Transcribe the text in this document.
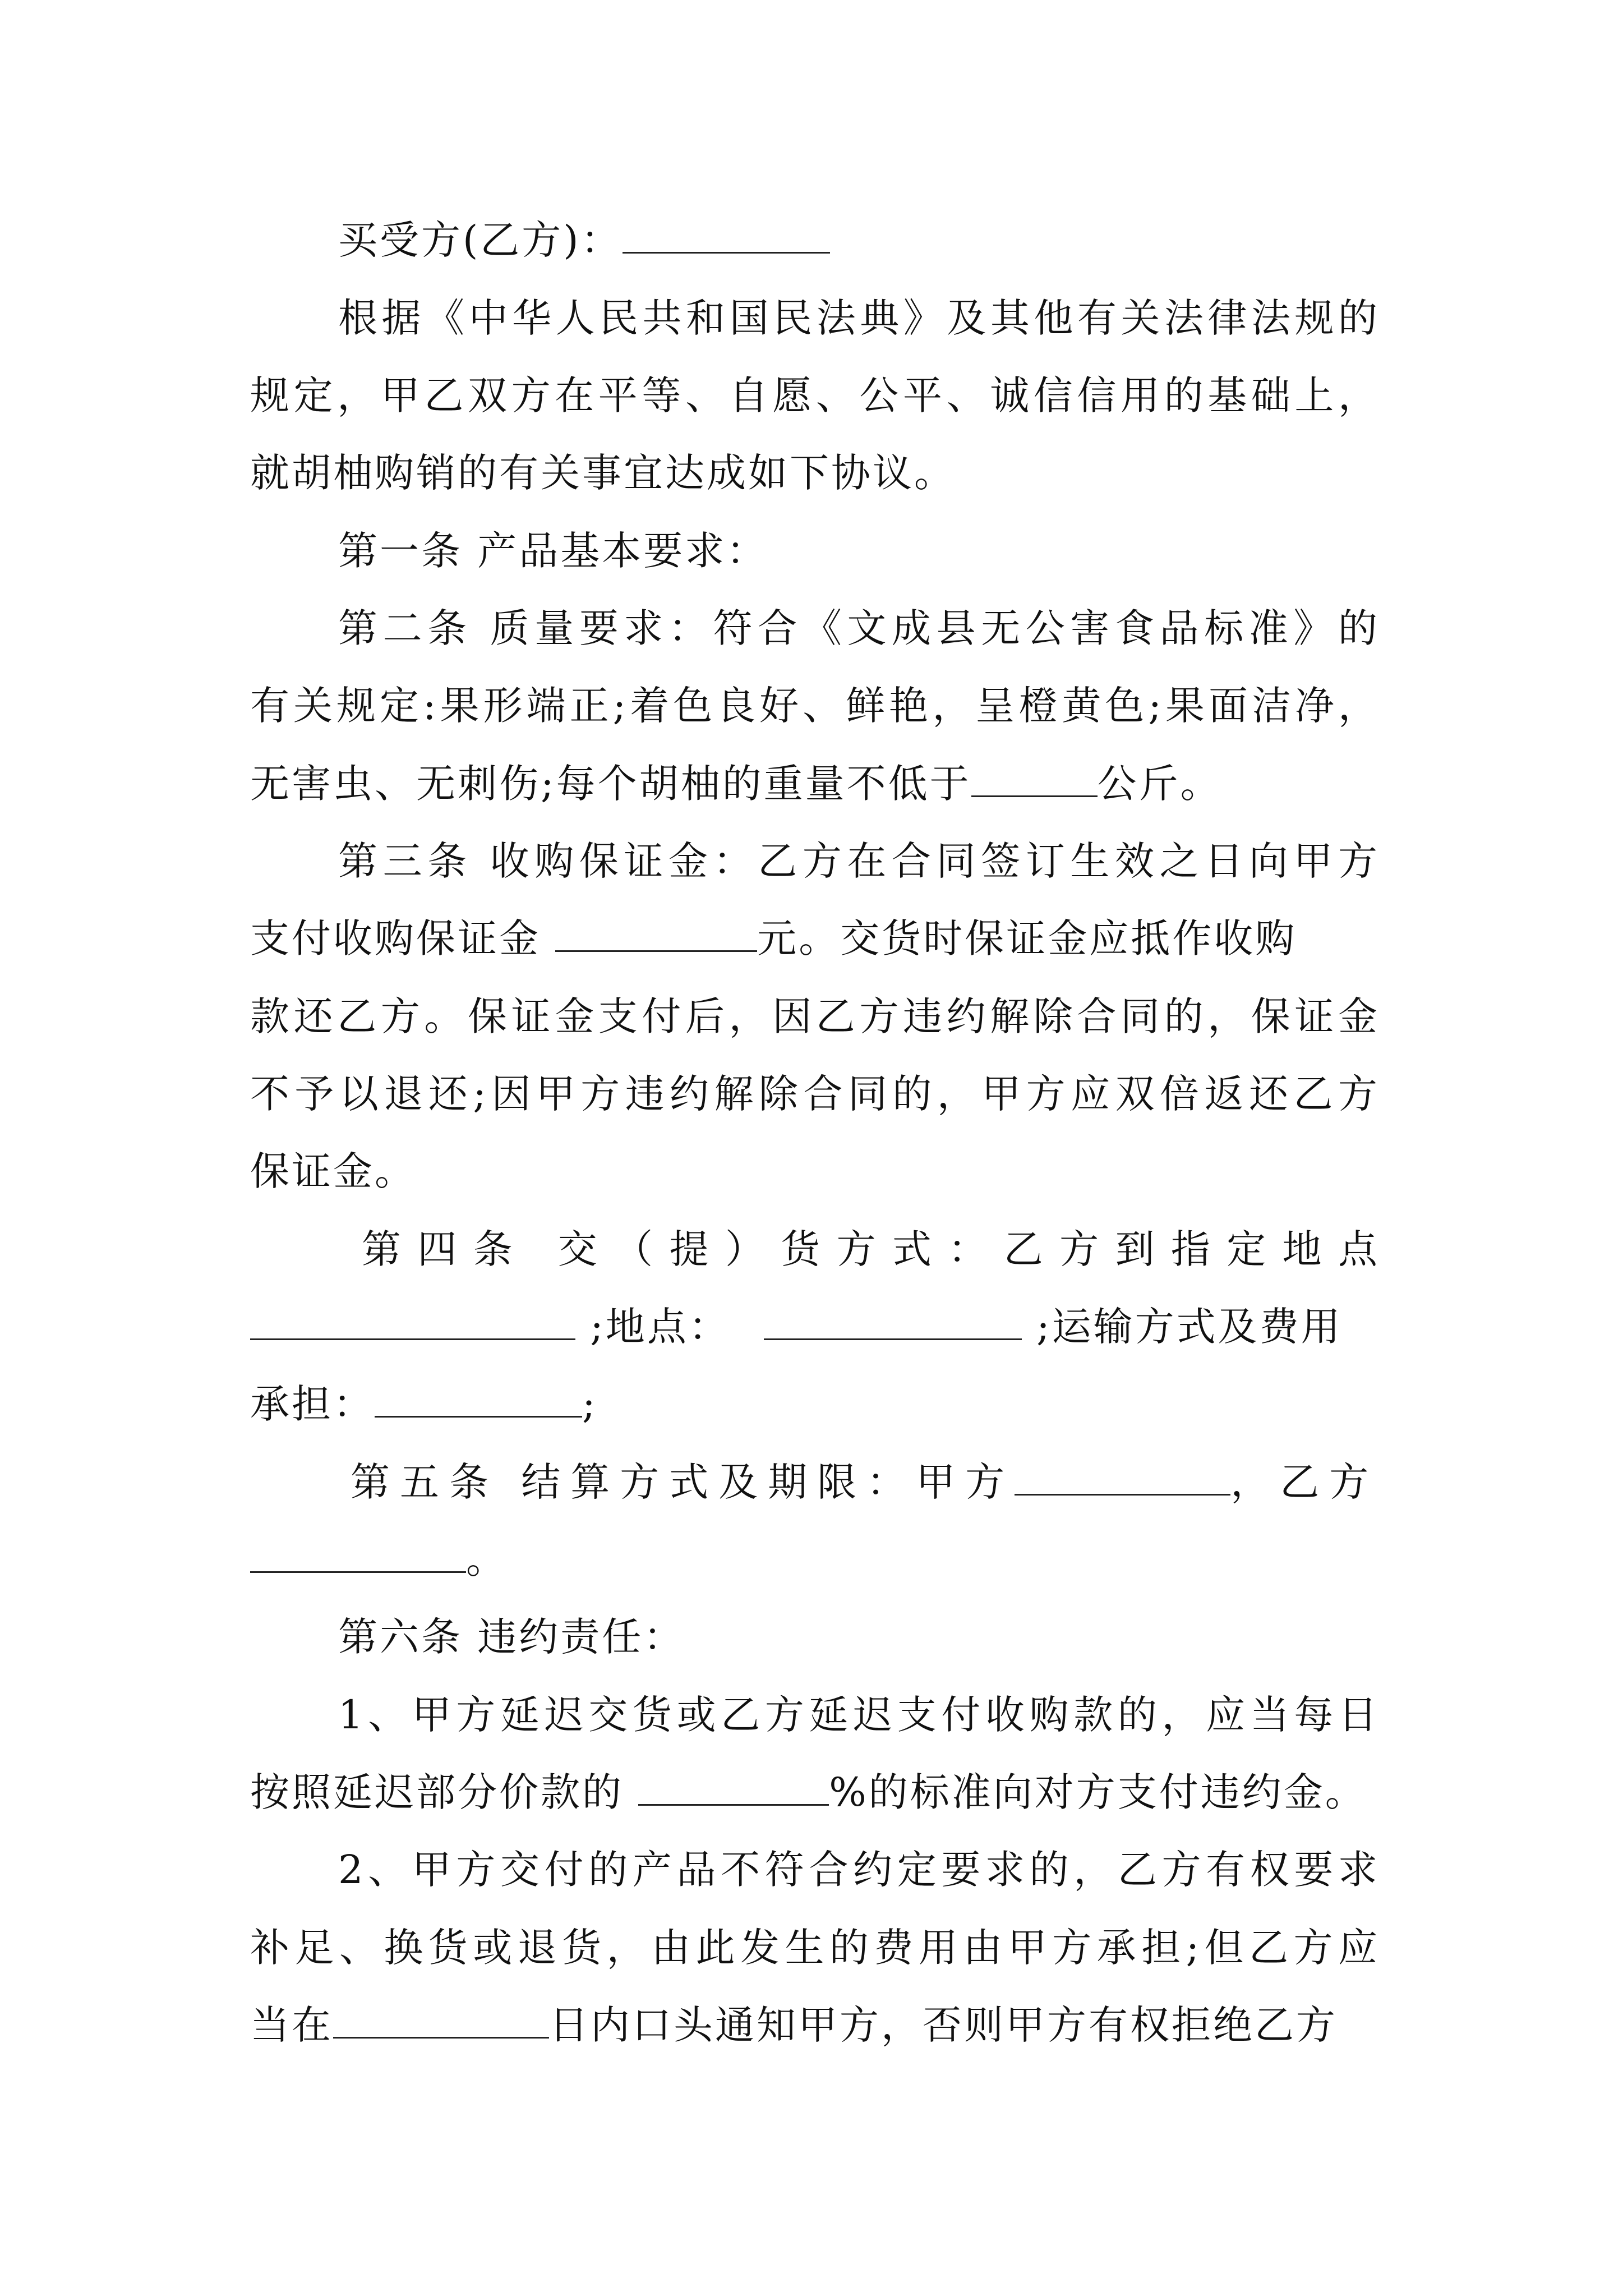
买受方(乙方)：
根据《中华人民共和国民法典》及其他有关法律法规的
规定，甲乙双方在平等、自愿、公平、诚信信用的基础上，
就胡柚购销的有关事宜达成如下协议。
第一条 产品基本要求：
第二条 质量要求：符合《文成县无公害食品标准》的
有关规定:果形端正;着色良好、鲜艳，呈橙黄色;果面洁净，
无害虫、无刺伤;每个胡柚的重量不低于	公斤。
第三条 收购保证金：乙方在合同签订生效之日向甲方
支付收购保证金	元。交货时保证金应抵作收购
款还乙方。保证金支付后，因乙方违约解除合同的，保证金
不予以退还;因甲方违约解除合同的，甲方应双倍返还乙方
保证金。
第四条 交（提）货方式：乙方到指定地点
;地点：	;运输方式及费用
承担：	;
第五条 结算方式及期限：甲方	，乙方
。
第六条 违约责任：
1、甲方延迟交货或乙方延迟支付收购款的，应当每日
按照延迟部分价款的	%的标准向对方支付违约金。
2、甲方交付的产品不符合约定要求的，乙方有权要求
补足、换货或退货，由此发生的费用由甲方承担;但乙方应
当在	日内口头通知甲方，否则甲方有权拒绝乙方
